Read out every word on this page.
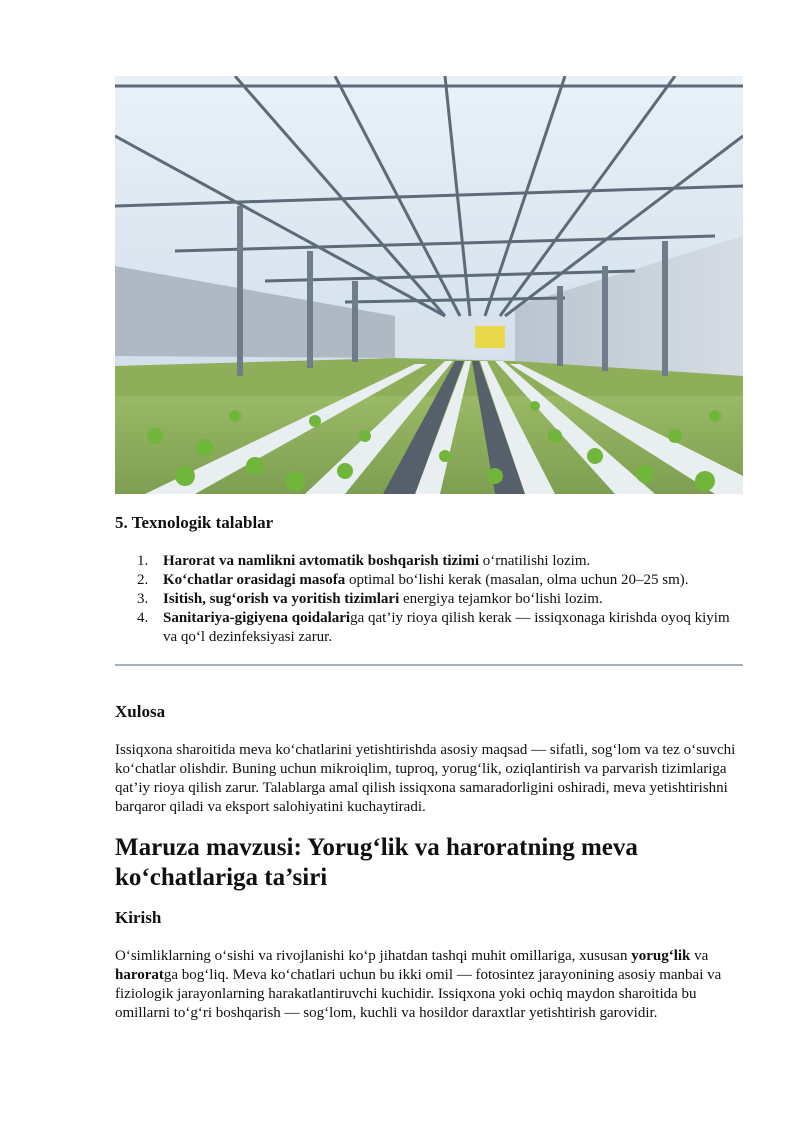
5. Texnologik talablar
1. Harorat va namlikni avtomatik boshqarish tizimi o‘rnatilishi lozim.
2. Ko‘chatlar orasidagi masofa optimal bo‘lishi kerak (masalan, olma uchun 20–25 sm).
3. Isitish, sug‘orish va yoritish tizimlari energiya tejamkor bo‘lishi lozim.
4. Sanitariya-gigiyena qoidalariga qat’iy rioya qilish kerak — issiqxonaga kirishda oyoq kiyim va qo‘l dezinfeksiyasi zarur.
Xulosa

Issiqxona sharoitida meva ko‘chatlarini yetishtirishda asosiy maqsad — sifatli, sog‘lom va tez o‘suvchi ko‘chatlar olishdir. Buning uchun mikroiqlim, tuproq, yorug‘lik, oziqlantirish va parvarish tizimlariga qat’iy rioya qilish zarur. Talablarga amal qilish issiqxona samaradorligini oshiradi, meva yetishtirishni barqaror qiladi va eksport salohiyatini kuchaytiradi.

Maruza mavzusi: Yorug‘lik va haroratning meva ko‘chatlariga ta’siri
Kirish

O‘simliklarning o‘sishi va rivojlanishi ko‘p jihatdan tashqi muhit omillariga, xususan yorug‘lik va haroratga bog‘liq. Meva ko‘chatlari uchun bu ikki omil — fotosintez jarayonining asosiy manbai va fiziologik jarayonlarning harakatlantiruvchi kuchidir. Issiqxona yoki ochiq maydon sharoitida bu omillarni to‘g‘ri boshqarish — sog‘lom, kuchli va hosildor daraxtlar yetishtirish garovidir.
